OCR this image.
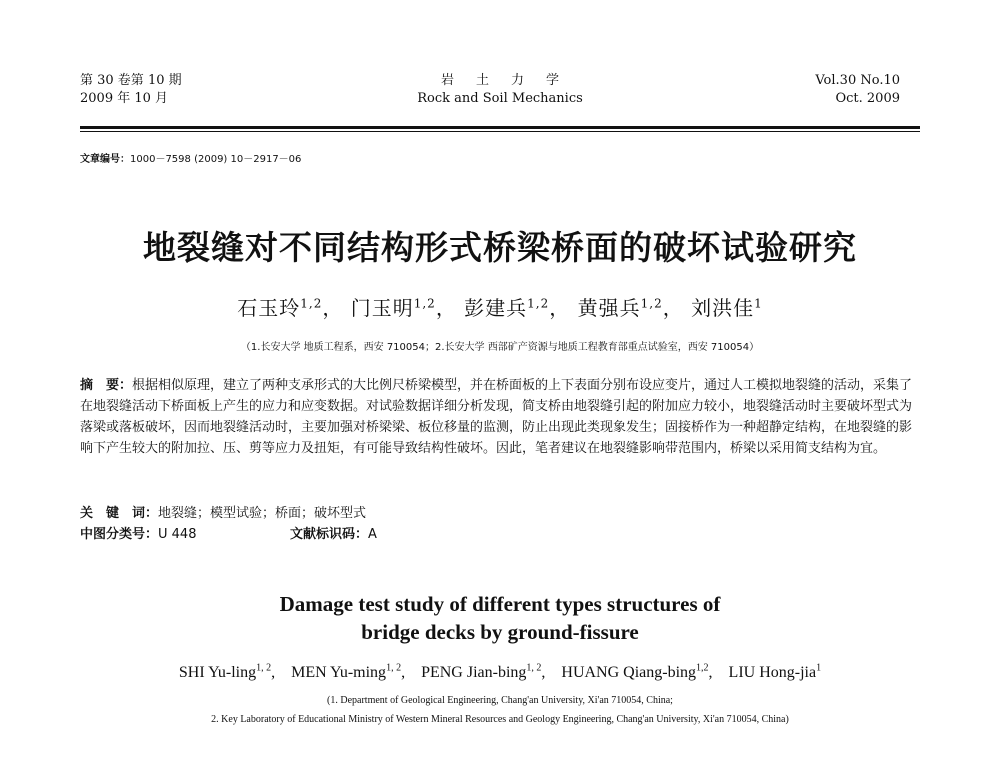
第 30 卷第 10 期
2009 年 10 月
岩土力学
Rock and Soil Mechanics
Vol.30 No.10
Oct. 2009
文章编号：1000－7598 (2009) 10－2917－06
地裂缝对不同结构形式桥梁桥面的破坏试验研究
石玉玲$^{1,2}$， 门玉明$^{1,2}$， 彭建兵$^{1,2}$， 黄强兵$^{1,2}$， 刘洪佳$^1$
（1.长安大学 地质工程系，西安 710054；2.长安大学 西部矿产资源与地质工程教育部重点试验室，西安 710054）
摘　要：根据相似原理，建立了两种支承形式的大比例尺桥梁模型，并在桥面板的上下表面分别布设应变片，通过人工模拟地裂缝的活动，采集了在地裂缝活动下桥面板上产生的应力和应变数据。对试验数据详细分析发现，简支桥由地裂缝引起的附加应力较小，地裂缝活动时主要破坏型式为落梁或落板破坏，因而地裂缝活动时，主要加强对桥梁梁、板位移量的监测，防止出现此类现象发生；固接桥作为一种超静定结构，在地裂缝的影响下产生较大的附加拉、压、剪等应力及扭矩，有可能导致结构性破坏。因此，笔者建议在地裂缝影响带范围内，桥梁以采用简支结构为宜。
关　键　词：地裂缝；模型试验；桥面；破坏型式
中图分类号：U 448	文献标识码：A
Damage test study of different types structures of
bridge decks by ground-fissure
SHI Yu-ling$^{1, 2}$,    MEN Yu-ming$^{1, 2}$,    PENG Jian-bing$^{1, 2}$,    HUANG Qiang-bing$^{1,2}$,    LIU Hong-jia$^1$
(1. Department of Geological Engineering, Chang'an University, Xi'an 710054, China;
2. Key Laboratory of Educational Ministry of Western Mineral Resources and Geology Engineering, Chang'an University, Xi'an 710054, China)
